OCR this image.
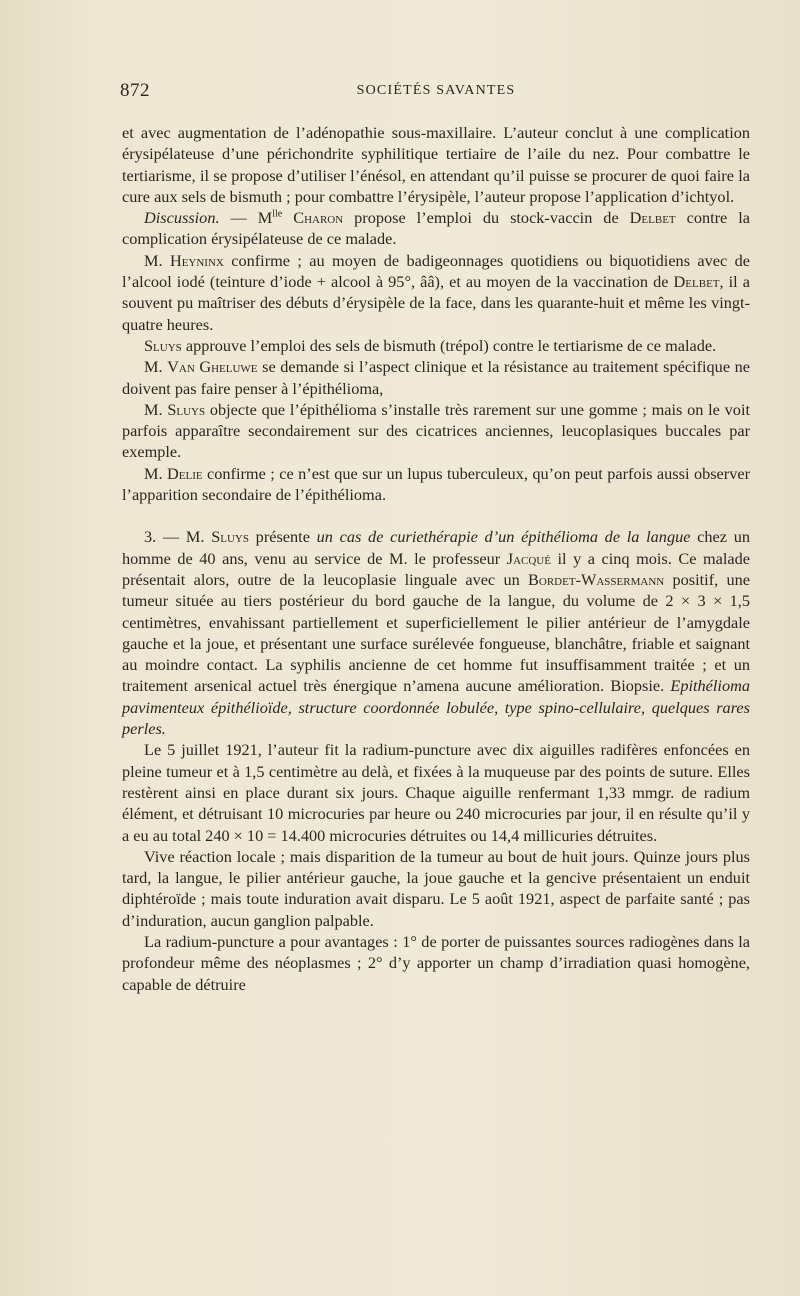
872	SOCIÉTÉS SAVANTES

et avec augmentation de l’adénopathie sous-maxillaire. L’auteur conclut à une complication érysipélateuse d’une périchondrite syphilitique tertiaire de l’aile du nez. Pour combattre le tertiarisme, il se propose d’utiliser l’énésol, en attendant qu’il puisse se procurer de quoi faire la cure aux sels de bismuth ; pour combattre l’érysipèle, l’auteur propose l’application d’ichtyol.

Discussion. — $M^{lle}$ Charon propose l’emploi du stock-vaccin de Delbet contre la complication érysipélateuse de ce malade.

M. Heyninx confirme ; au moyen de badigeonnages quotidiens ou biquotidiens avec de l’alcool iodé (teinture d’iode + alcool à 95°, ââ), et au moyen de la vaccination de Delbet, il a souvent pu maîtriser des débuts d’érysipèle de la face, dans les quarante-huit et même les vingt-quatre heures.

Sluys approuve l’emploi des sels de bismuth (trépol) contre le tertiarisme de ce malade.

M. Van Gheluwe se demande si l’aspect clinique et la résistance au traitement spécifique ne doivent pas faire penser à l’épithélioma,

M. Sluys objecte que l’épithélioma s’installe très rarement sur une gomme ; mais on le voit parfois apparaître secondairement sur des cicatrices anciennes, leucoplasiques buccales par exemple.

M. Delie confirme ; ce n’est que sur un lupus tuberculeux, qu’on peut parfois aussi observer l’apparition secondaire de l’épithélioma.

3. — M. Sluys présente un cas de curiethérapie d’un épithélioma de la langue chez un homme de 40 ans, venu au service de M. le professeur Jacqué il y a cinq mois. Ce malade présentait alors, outre de la leucoplasie linguale avec un Bordet-Wassermann positif, une tumeur située au tiers postérieur du bord gauche de la langue, du volume de 2 × 3 × 1,5 centimètres, envahissant partiellement et superficiellement le pilier antérieur de l’amygdale gauche et la joue, et présentant une surface surélevée fongueuse, blanchâtre, friable et saignant au moindre contact. La syphilis ancienne de cet homme fut insuffisamment traitée ; et un traitement arsenical actuel très énergique n’amena aucune amélioration. Biopsie. Epithélioma pavimenteux épithélioïde, structure coordonnée lobulée, type spino-cellulaire, quelques rares perles.

Le 5 juillet 1921, l’auteur fit la radium-puncture avec dix aiguilles radifères enfoncées en pleine tumeur et à 1,5 centimètre au delà, et fixées à la muqueuse par des points de suture. Elles restèrent ainsi en place durant six jours. Chaque aiguille renfermant 1,33 mmgr. de radium élément, et détruisant 10 microcuries par heure ou 240 microcuries par jour, il en résulte qu’il y a eu au total 240 × 10 = 14.400 microcuries détruites ou 14,4 millicuries détruites.

Vive réaction locale ; mais disparition de la tumeur au bout de huit jours. Quinze jours plus tard, la langue, le pilier antérieur gauche, la joue gauche et la gencive présentaient un enduit diphtéroïde ; mais toute induration avait disparu. Le 5 août 1921, aspect de parfaite santé ; pas d’induration, aucun ganglion palpable.

La radium-puncture a pour avantages : 1° de porter de puissantes sources radiogènes dans la profondeur même des néoplasmes ; 2° d’y apporter un champ d’irradiation quasi homogène, capable de détruire
